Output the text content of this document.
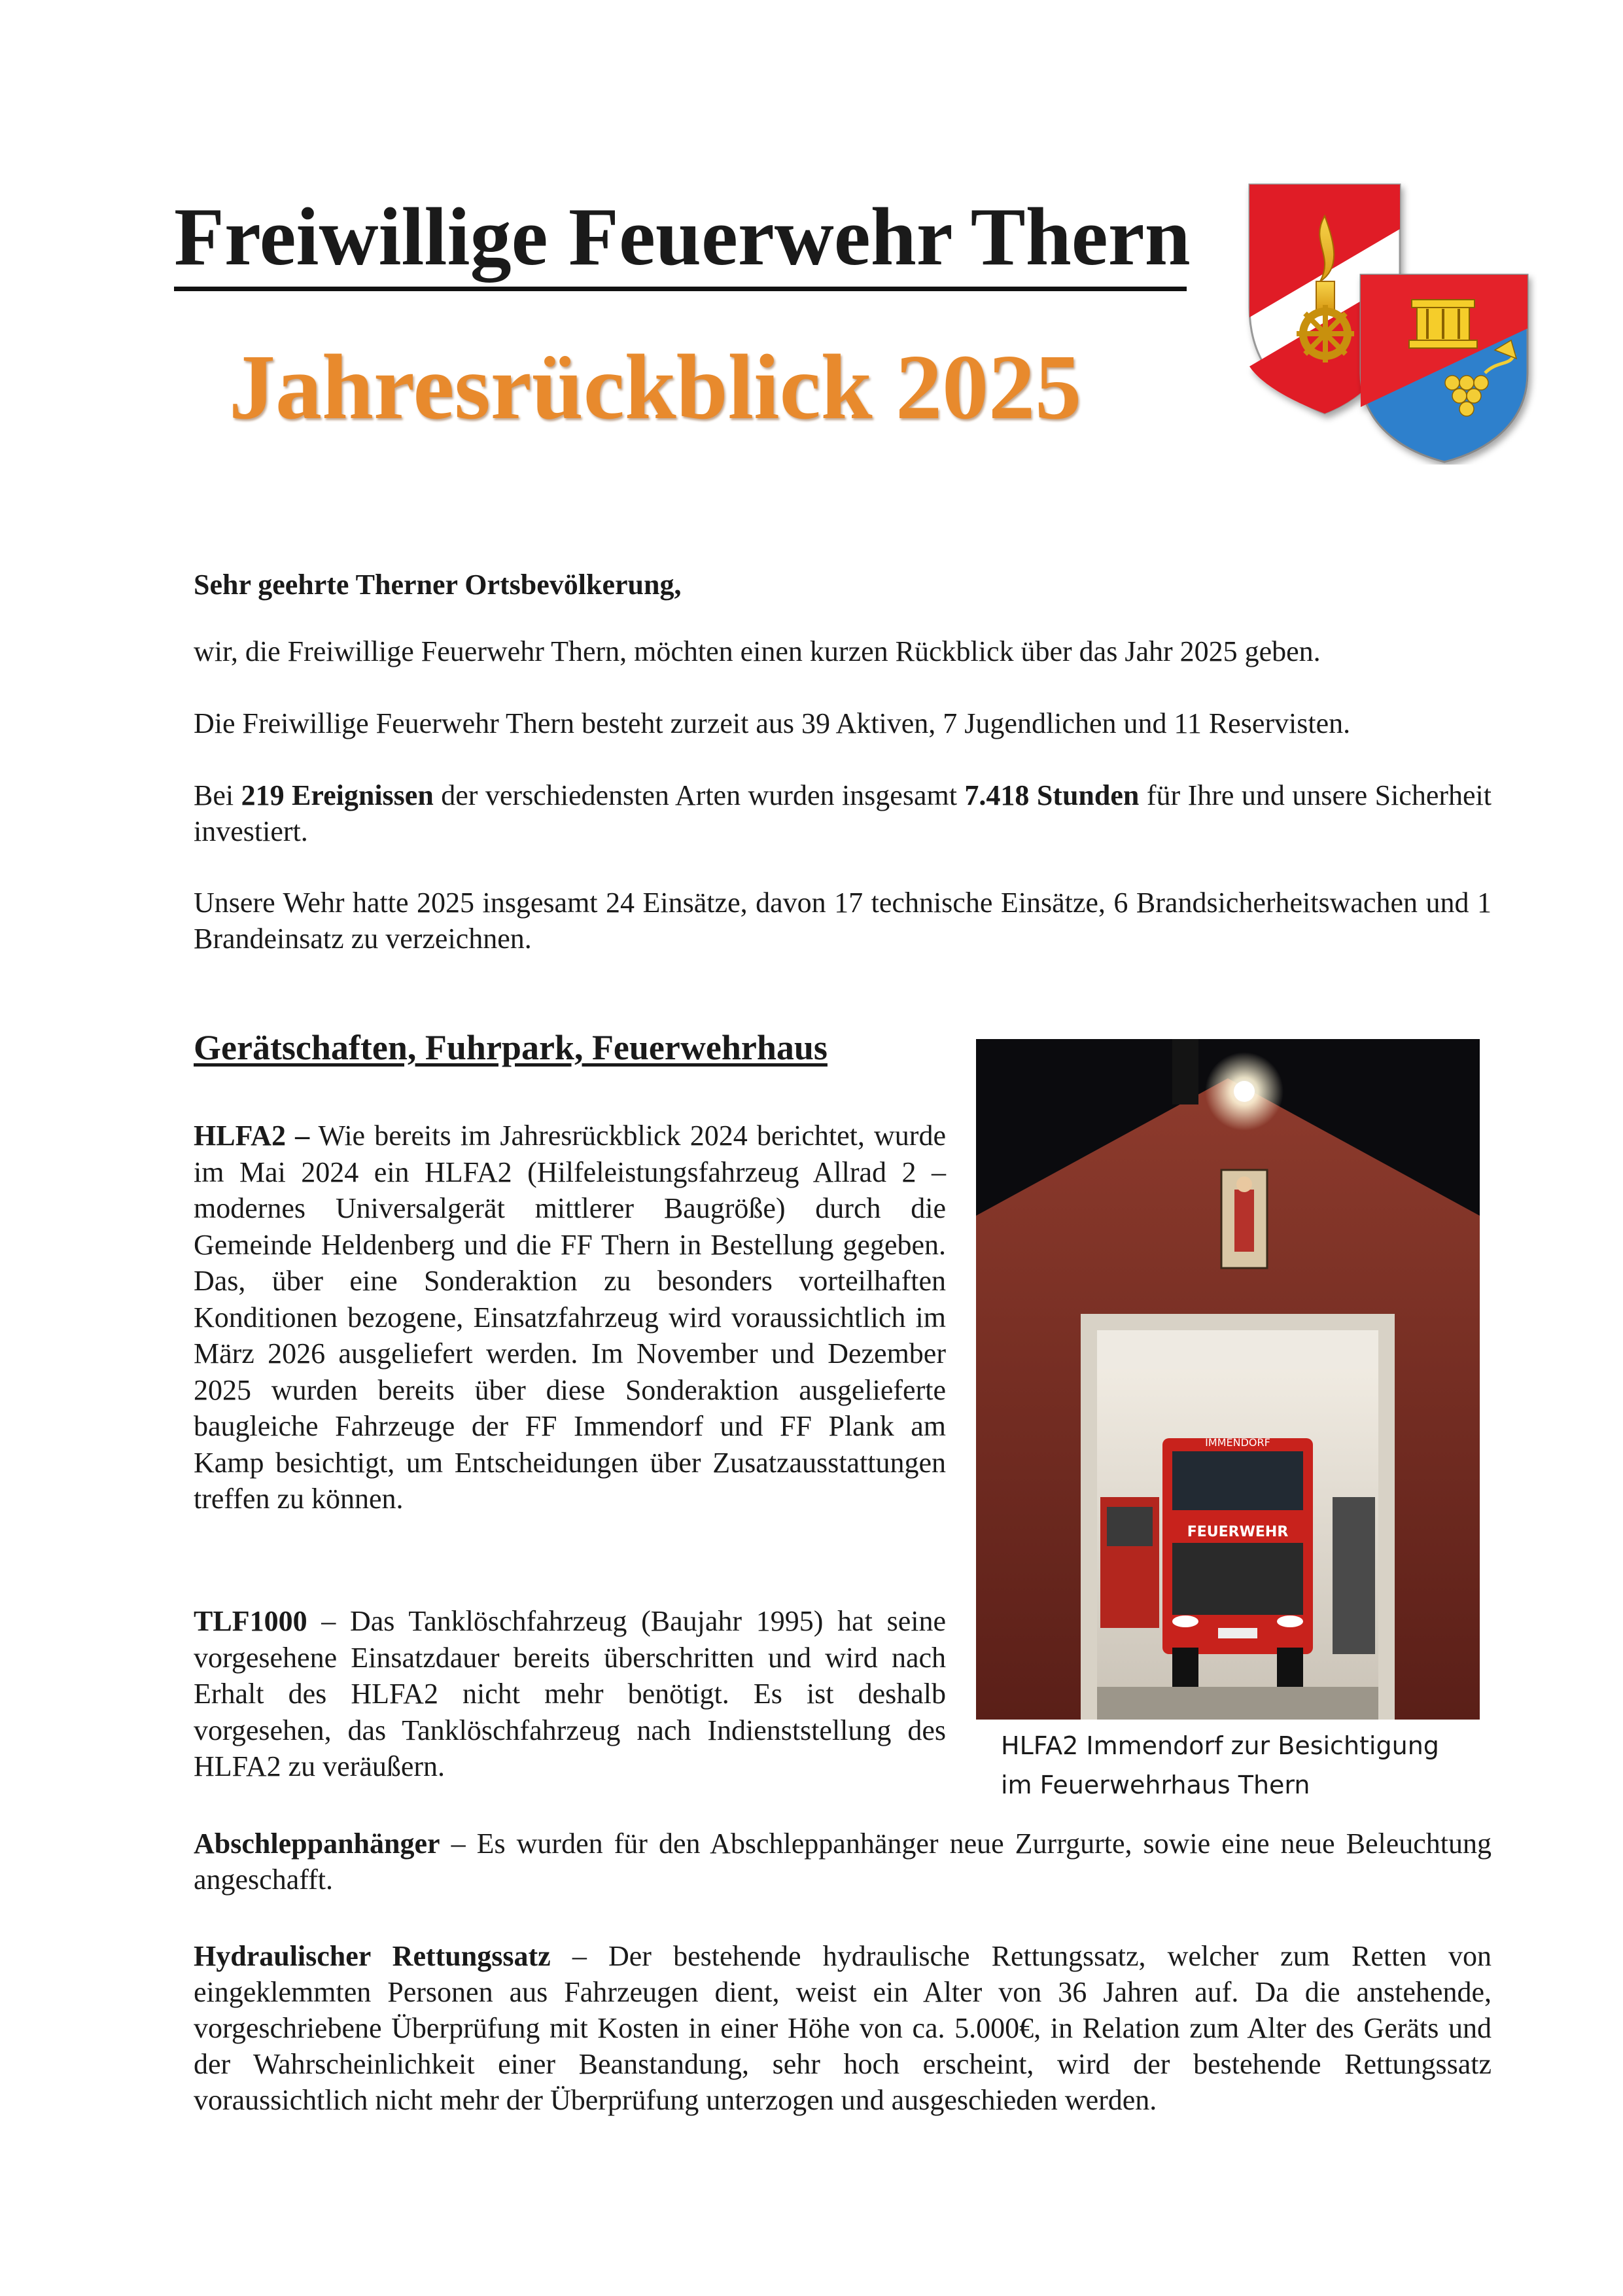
Freiwillige Feuerwehr Thern
Jahresrückblick 2025

Sehr geehrte Therner Ortsbevölkerung,

wir, die Freiwillige Feuerwehr Thern, möchten einen kurzen Rückblick über das Jahr 2025 geben.
Die Freiwillige Feuerwehr Thern besteht zurzeit aus 39 Aktiven, 7 Jugendlichen und 11 Reservisten.
Bei 219 Ereignissen der verschiedensten Arten wurden insgesamt 7.418 Stunden für Ihre und unsere Sicherheit investiert.
Unsere Wehr hatte 2025 insgesamt 24 Einsätze, davon 17 technische Einsätze, 6 Brandsicherheitswachen und 1 Brandeinsatz zu verzeichnen.
Gerätschaften, Fuhrpark, Feuerwehrhaus
HLFA2 – Wie bereits im Jahresrückblick 2024 berichtet, wurde im Mai 2024 ein HLFA2 (Hilfeleistungsfahrzeug Allrad 2 – modernes Universalgerät mittlerer Baugröße) durch die Gemeinde Heldenberg und die FF Thern in Bestellung gegeben. Das, über eine Sonderaktion zu besonders vorteilhaften Konditionen bezogene, Einsatzfahrzeug wird voraussichtlich im März 2026 ausgeliefert werden. Im November und Dezember 2025 wurden bereits über diese Sonderaktion ausgelieferte baugleiche Fahrzeuge der FF Immendorf und FF Plank am Kamp besichtigt, um Entscheidungen über Zusatzausstattungen treffen zu können.
TLF1000 – Das Tanklöschfahrzeug (Baujahr 1995) hat seine vorgesehene Einsatzdauer bereits überschritten und wird nach Erhalt des HLFA2 nicht mehr benötigt. Es ist deshalb vorgesehen, das Tanklöschfahrzeug nach Indienststellung des HLFA2 zu veräußern.
IMMENDORF
FEUERWEHR
HLFA2 Immendorf zur Besichtigung
im Feuerwehrhaus Thern
Abschleppanhänger – Es wurden für den Abschleppanhänger neue Zurrgurte, sowie eine neue Beleuchtung angeschafft.
Hydraulischer Rettungssatz – Der bestehende hydraulische Rettungssatz, welcher zum Retten von eingeklemmten Personen aus Fahrzeugen dient, weist ein Alter von 36 Jahren auf. Da die anstehende, vorgeschriebene Überprüfung mit Kosten in einer Höhe von ca. 5.000€, in Relation zum Alter des Geräts und der Wahrscheinlichkeit einer Beanstandung, sehr hoch erscheint, wird der bestehende Rettungssatz voraussichtlich nicht mehr der Überprüfung unterzogen und ausgeschieden werden.
